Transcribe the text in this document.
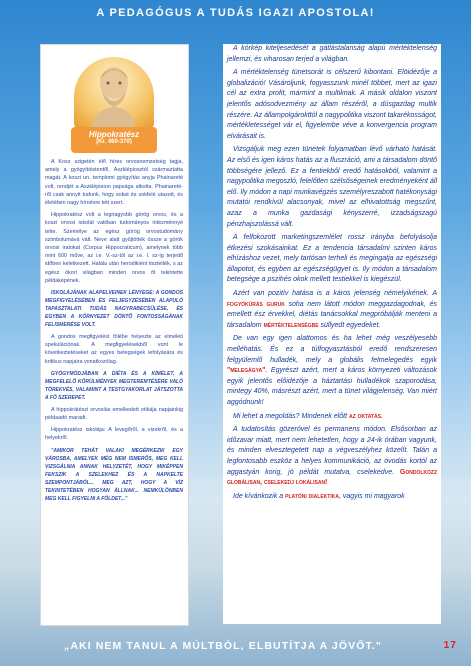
A PEDAGÓGUS A TUDÁS IGAZI APOSTOLA!
Hippokratész
(Kr. 460-370)

A Kosz szigetén élő híres orvosnemzetség tagja, amely a gyógyítóistentől, Aszklépiosztól származtatta magát. A koszi un. templomi gyógyítás anyja Phainareté volt, rendjét a Aszklépieion papsága alkotta. Phainareté-ről csak annyit tudunk, hogy sokat és sokfelé utazott, és életében nagy hírnévre tett szert.

Hippokratész volt a legnagyobb görög orvos, és a koszi orvosi iskolát valóban tudományos intézménnyé tette. Személye az egész görög orvostudomány szimbolumává vált. Neve alatt gyűjtötték össze a görök orvosi iratokat (Corpus Hippocraticum), amelynek több mint 600 műve, az i.e. V.-sz-tól az i.e. I. sz-ig terjedő időben keletkezett. Halála után herodikiént tisztelték, s az egész ókori világban minden orvos őt tekintette példaképének.

ISKOLÁJÁNAK ALAPELVEINEK LÉNYEGE: A GONDOS MEGFIGYELÉSÉBEN ÉS FELJEGYZÉSÉBEN ALAPULÓ TAPASZTALATI TUDÁS NAGYRABECSÜLÉSE, ÉS EGYBEN A KÖRNYEZET DÖNTŐ FONTOSSÁGÁNAK FELISMERÉSE VOLT.

A gondos megfigyelést fölébe helyezte az elméleti spekulációnak. A megfigyelésekből vont le következtetéseket az egyes betegségek lefolyására és kritikus napjaira vonatkozólag.

GYÓGYMÓDJÁBAN A DIÉTA ÉS A KÍMÉLET, A MEGFELELŐ KÖRÜLMÉNYEK MEGTEREMTÉSÉRE VALÓ TÖREKVÉS, VALAMINT A TESTGYAKORLAT JÁTSZOTTA A FŐ SZEREPET.

A hippokrátészi orvoslás emelkedett etikája napjainkig példaadó maradt.

Hippokratész iskolája: A levegőről, a vizekről, és a helyekről.

"AMIKOR TEHÁT VALAKI MEGÉRKEZIK EGY VÁROSBA, AMELYEK MÉG NEM ISMERŐS, MEG KELL VIZSGÁLNIA ANNAK HELYZETÉT, HOGY MIKÉPPEN FEKSZIK A SZELEKHEZ ÉS A NAPKELTE SZEMPONTJÁBÓL... MEG AZT, HOGY A VÍZ TEKINTETÉBEN HOGYAN ÁLLNAK... NEMKÜLÖNBEN MEG KELL FIGYELNI A FÖLDET..."

A kórkép kiteljesedését a gátlástalanság alapú mértéktelenség jellemzi, és viharosan terjed a világban.

A mértéktelenség tünetsorát is célszerű kibontani. Elöidézője a globalizáció! Vásároljunk, fogyasszunk minél többet, mert az igazi cél az extra profit, mármint a multiknak. A másik oldalon viszont jelentős adósodvezmény az állam részéről, a dúsgazdag multik részére. Az állampolgárokttól a nagypolitika viszont takarékosságot, mértékletességet vár el, figyelembe véve a konvergencia program elvárásait is.

Vizsgáljuk meg ezen tünetek folyamatban lévő várható hatását. Az első és igen káros hatás az a fluszráció, ami a társadalom döntő többségére jellező. Ez a fentiekből eredő hatásokból, valamint a nagypolitika megoszló, felelőtlen szélsőségeinek eredményeként áll elő. Ily módon a napi munkavégzés személyreszabott hatékonysági mutatói rendkívül alacsonyak, mivel az elhivatottság megszűnt, azaz a munka gazdasági kényszerré, izzadságszagú pénzhajszolássá vált.

A felfokozott marketingszemlélet rossz irányba befolyásolja étkezési szokásainkat. Ez a tendencia társadalmi szinten káros elhízáshoz vezet, mely tartósan terheli és megingatja az egészségi állapotot, és egyben az egészségügyet is. Ily módon a társadalom betegsége a pszihés okok mellett testiekkel is kiegészül.

Azért van pozitív hatása is a káros jelenség némelyikének. A fogyókúrás guruk soha nem látott módon meggazdagodnak, és emellett ész érvekkel, diétás tanácsokkal megpróbálják menteni a társadalom mértéktelenségbe süllyedt egyedeket.

De van egy igen alattomos és ha lehet még veszélyesebb melléhatás. És ez a túlfogyasztásból eredő rendszeresen felgyülemlő hulladék, mely a globális felmelegedés egyik "melegágya". Egyrészt azért, mert a káros környezeti változások egyik jelentős előidézője a háztartási hulladékok szaporodása, mintegy 40%, másrészt azért, mert a tünet világjelenség. Van miért aggódnunk!

Mi lehet a megoldás? Mindenek előtt az oktatás.

A tudatosítás gözeróvel és permanens módon. Elsősorban az időzavar miatt, mert nem lehetetlen, hogy a 24-ik órában vagyunk, és minden elvesztegetett nap a végveszélyhez közelít. Talán a legfontosabb eszköz a helyes kommunikáció, az óvodás kortól az aggastyán korig, jó példát mutatva, cselekedve. Gondolkozz globálisan, cselekedj lokálisan!

Ide kívánkozik a platóni dialektika, vagyis mi magyarok

„AKI NEM TANUL A MÚLTBÓL, ELBUTÍTJA A JÖVŐT."	17
